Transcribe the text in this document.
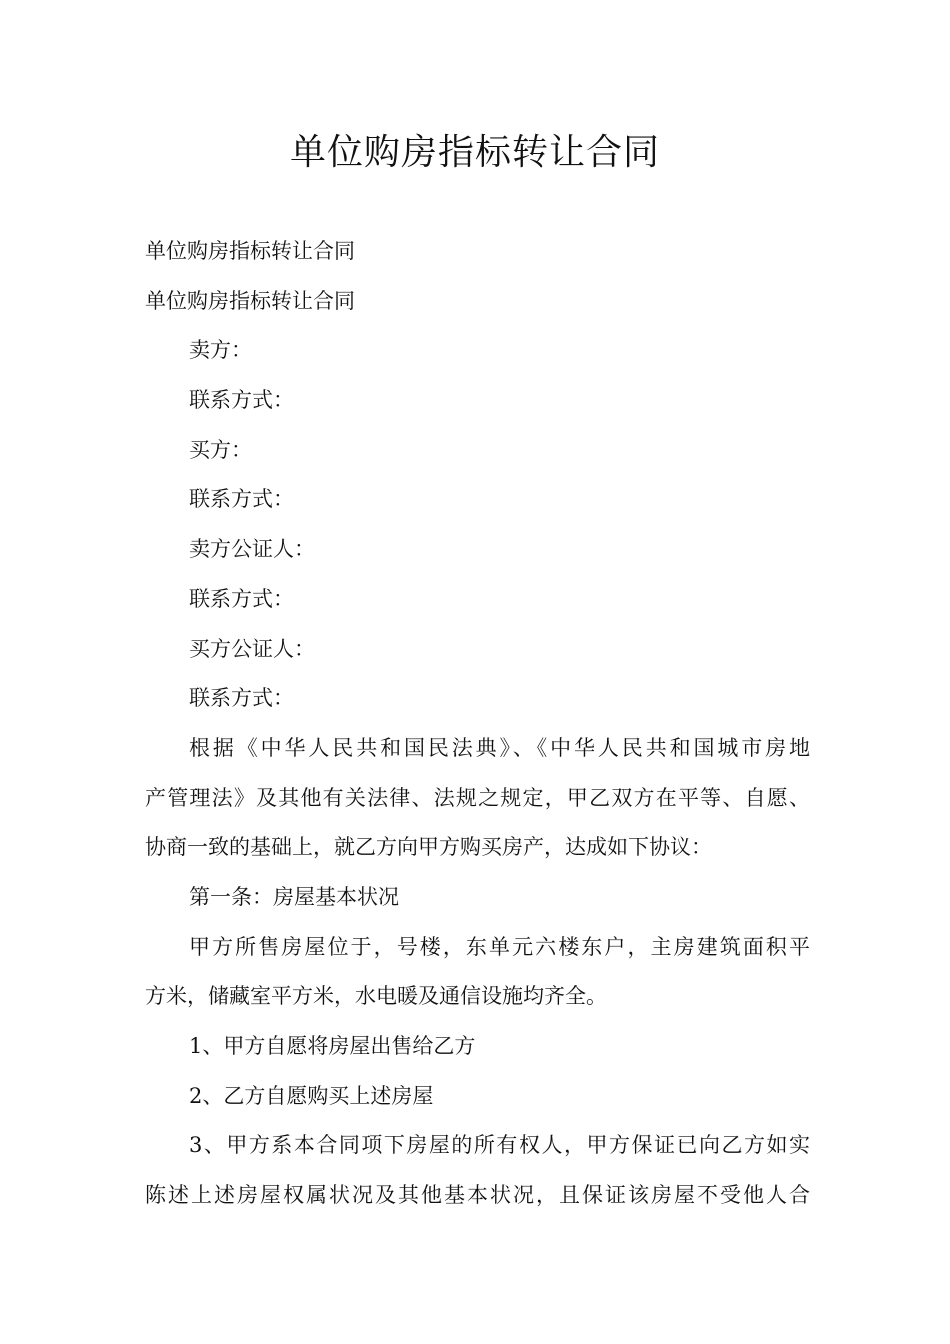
单位购房指标转让合同
单位购房指标转让合同
单位购房指标转让合同
卖方：
联系方式：
买方：
联系方式：
卖方公证人：
联系方式：
买方公证人：
联系方式：
根据《中华人民共和国民法典》、《中华人民共和国城市房地
产管理法》及其他有关法律、法规之规定，甲乙双方在平等、自愿、
协商一致的基础上，就乙方向甲方购买房产，达成如下协议：
第一条：房屋基本状况
甲方所售房屋位于，号楼，东单元六楼东户，主房建筑面积平
方米，储藏室平方米，水电暖及通信设施均齐全。
1、甲方自愿将房屋出售给乙方
2、乙方自愿购买上述房屋
3、甲方系本合同项下房屋的所有权人，甲方保证已向乙方如实
陈述上述房屋权属状况及其他基本状况，且保证该房屋不受他人合
